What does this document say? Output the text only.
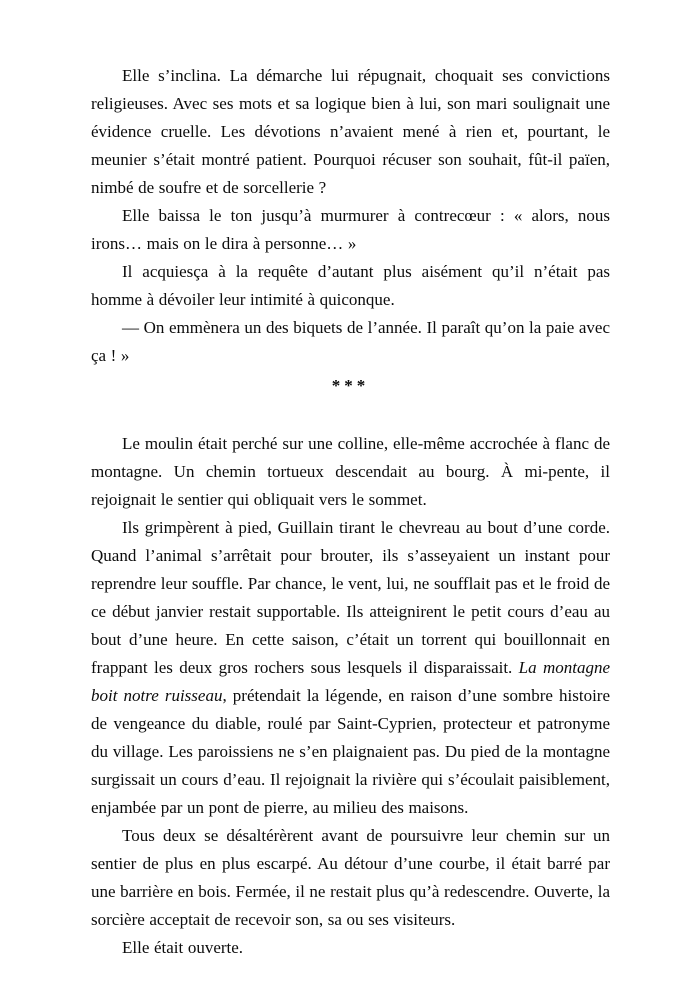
Elle s’inclina. La démarche lui répugnait, choquait ses convictions religieuses. Avec ses mots et sa logique bien à lui, son mari soulignait une évidence cruelle. Les dévotions n’avaient mené à rien et, pourtant, le meunier s’était montré patient. Pourquoi récuser son souhait, fût-il païen, nimbé de soufre et de sorcellerie ?

Elle baissa le ton jusqu’à murmurer à contrecœur : « alors, nous irons… mais on le dira à personne… »

Il acquiesça à la requête d’autant plus aisément qu’il n’était pas homme à dévoiler leur intimité à quiconque.

— On emmènera un des biquets de l’année. Il paraît qu’on la paie avec ça ! »

***

Le moulin était perché sur une colline, elle-même accrochée à flanc de montagne. Un chemin tortueux descendait au bourg. À mi-pente, il rejoignait le sentier qui obliquait vers le sommet.

Ils grimpèrent à pied, Guillain tirant le chevreau au bout d’une corde. Quand l’animal s’arrêtait pour brouter, ils s’asseyaient un instant pour reprendre leur souffle. Par chance, le vent, lui, ne soufflait pas et le froid de ce début janvier restait supportable. Ils atteignirent le petit cours d’eau au bout d’une heure. En cette saison, c’était un torrent qui bouillonnait en frappant les deux gros rochers sous lesquels il disparaissait. La montagne boit notre ruisseau, prétendait la légende, en raison d’une sombre histoire de vengeance du diable, roulé par Saint-Cyprien, protecteur et patronyme du village. Les paroissiens ne s’en plaignaient pas. Du pied de la montagne surgissait un cours d’eau. Il rejoignait la rivière qui s’écoulait paisiblement, enjambée par un pont de pierre, au milieu des maisons.

Tous deux se désaltérèrent avant de poursuivre leur chemin sur un sentier de plus en plus escarpé. Au détour d’une courbe, il était barré par une barrière en bois. Fermée, il ne restait plus qu’à redescendre. Ouverte, la sorcière acceptait de recevoir son, sa ou ses visiteurs.

Elle était ouverte.
